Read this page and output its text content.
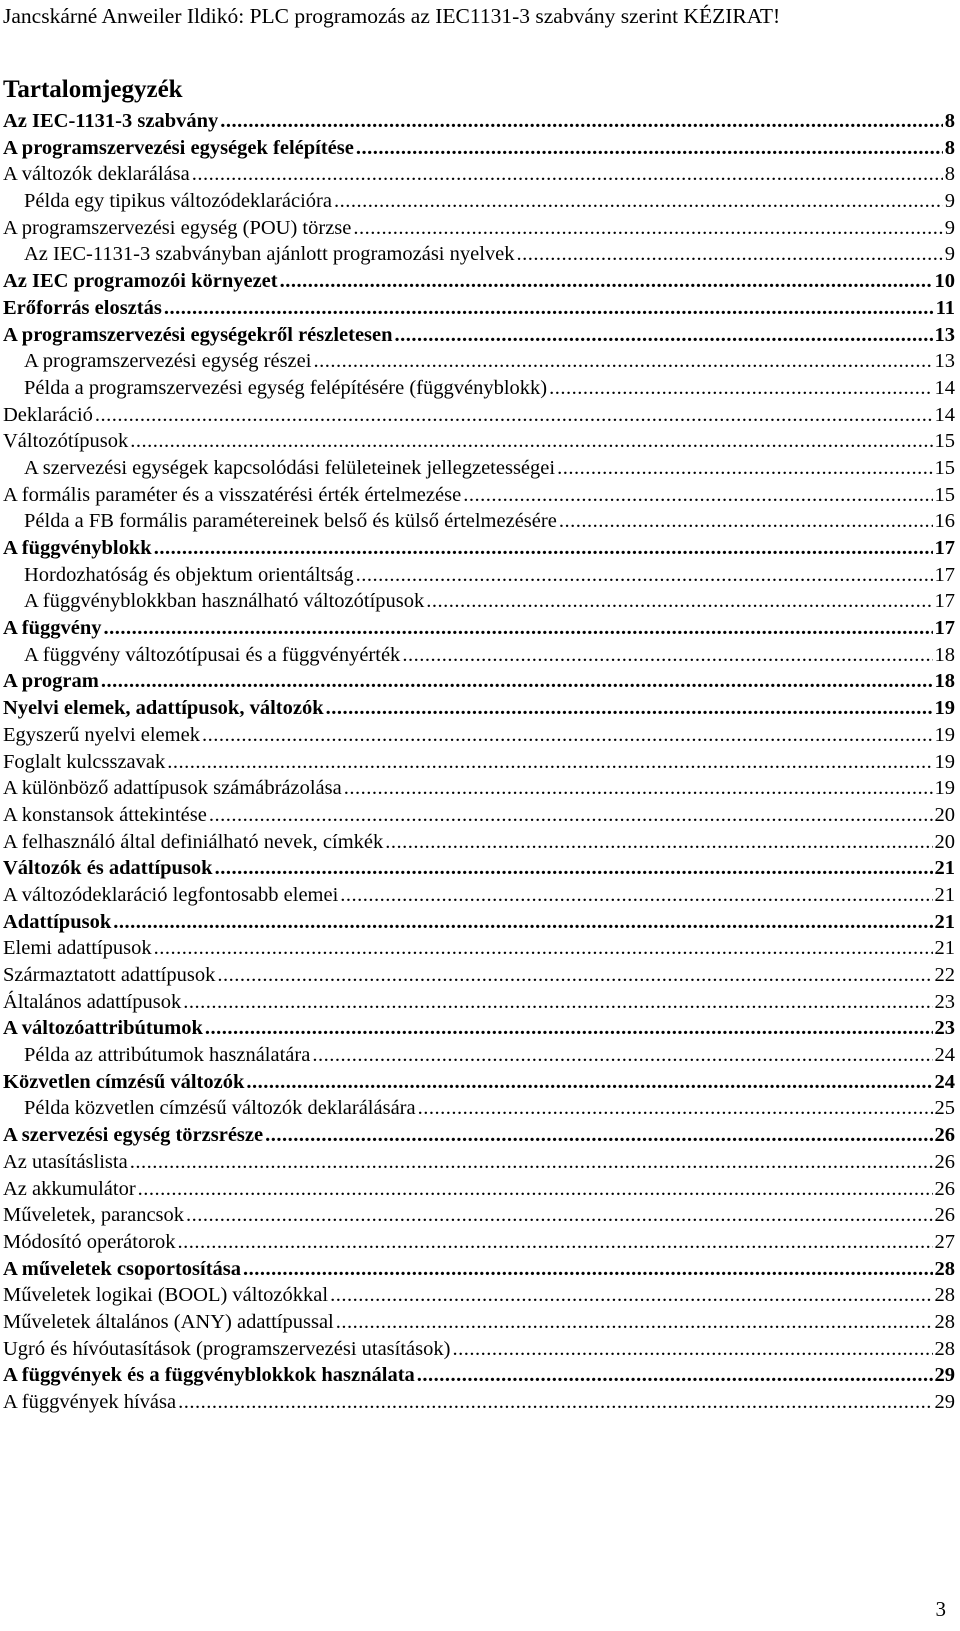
Jancskárné Anweiler Ildikó: PLC programozás az IEC1131-3 szabvány szerint KÉZIRAT!
Tartalomjegyzék
Az IEC-1131-3 szabvány .....	8
A programszervezési egységek felépítése .....	8
A változók deklarálása .....	8
Példa egy tipikus változódeklarációra .....	9
A programszervezési egység (POU) törzse .....	9
Az IEC-1131-3 szabványban ajánlott programozási nyelvek .....	9
Az IEC programozói környezet .....	10
Erőforrás elosztás .....	11
A programszervezési egységekről részletesen .....	13
A programszervezési egység részei .....	13
Példa a programszervezési egység felépítésére (függvényblokk) .....	14
Deklaráció .....	14
Változótípusok .....	15
A szervezési egységek kapcsolódási felületeinek jellegzetességei .....	15
A formális paraméter és a visszatérési érték értelmezése .....	15
Példa a FB formális paramétereinek belső és külső értelmezésére .....	16
A függvényblokk .....	17
Hordozhatóság és objektum orientáltság .....	17
A függvényblokkban használható változótípusok .....	17
A függvény .....	17
A függvény változótípusai és a függvényérték .....	18
A program .....	18
Nyelvi elemek, adattípusok, változók .....	19
Egyszerű nyelvi elemek .....	19
Foglalt kulcsszavak .....	19
A különböző adattípusok számábrázolása .....	19
A konstansok áttekintése .....	20
A felhasználó által definiálható nevek, címkék .....	20
Változók és adattípusok .....	21
A változódeklaráció legfontosabb elemei .....	21
Adattípusok .....	21
Elemi adattípusok .....	21
Származtatott adattípusok .....	22
Általános adattípusok .....	23
A változóattribútumok .....	23
Példa az attribútumok használatára .....	24
Közvetlen címzésű változók .....	24
Példa közvetlen címzésű változók deklarálására .....	25
A szervezési egység törzsrésze .....	26
Az utasításlista .....	26
Az akkumulátor .....	26
Műveletek, parancsok .....	26
Módosító operátorok .....	27
A műveletek csoportosítása .....	28
Műveletek logikai (BOOL) változókkal .....	28
Műveletek általános (ANY) adattípussal .....	28
Ugró és hívóutasítások (programszervezési utasítások) .....	28
A függvények és a függvényblokkok használata .....	29
A függvények hívása .....	29
3
